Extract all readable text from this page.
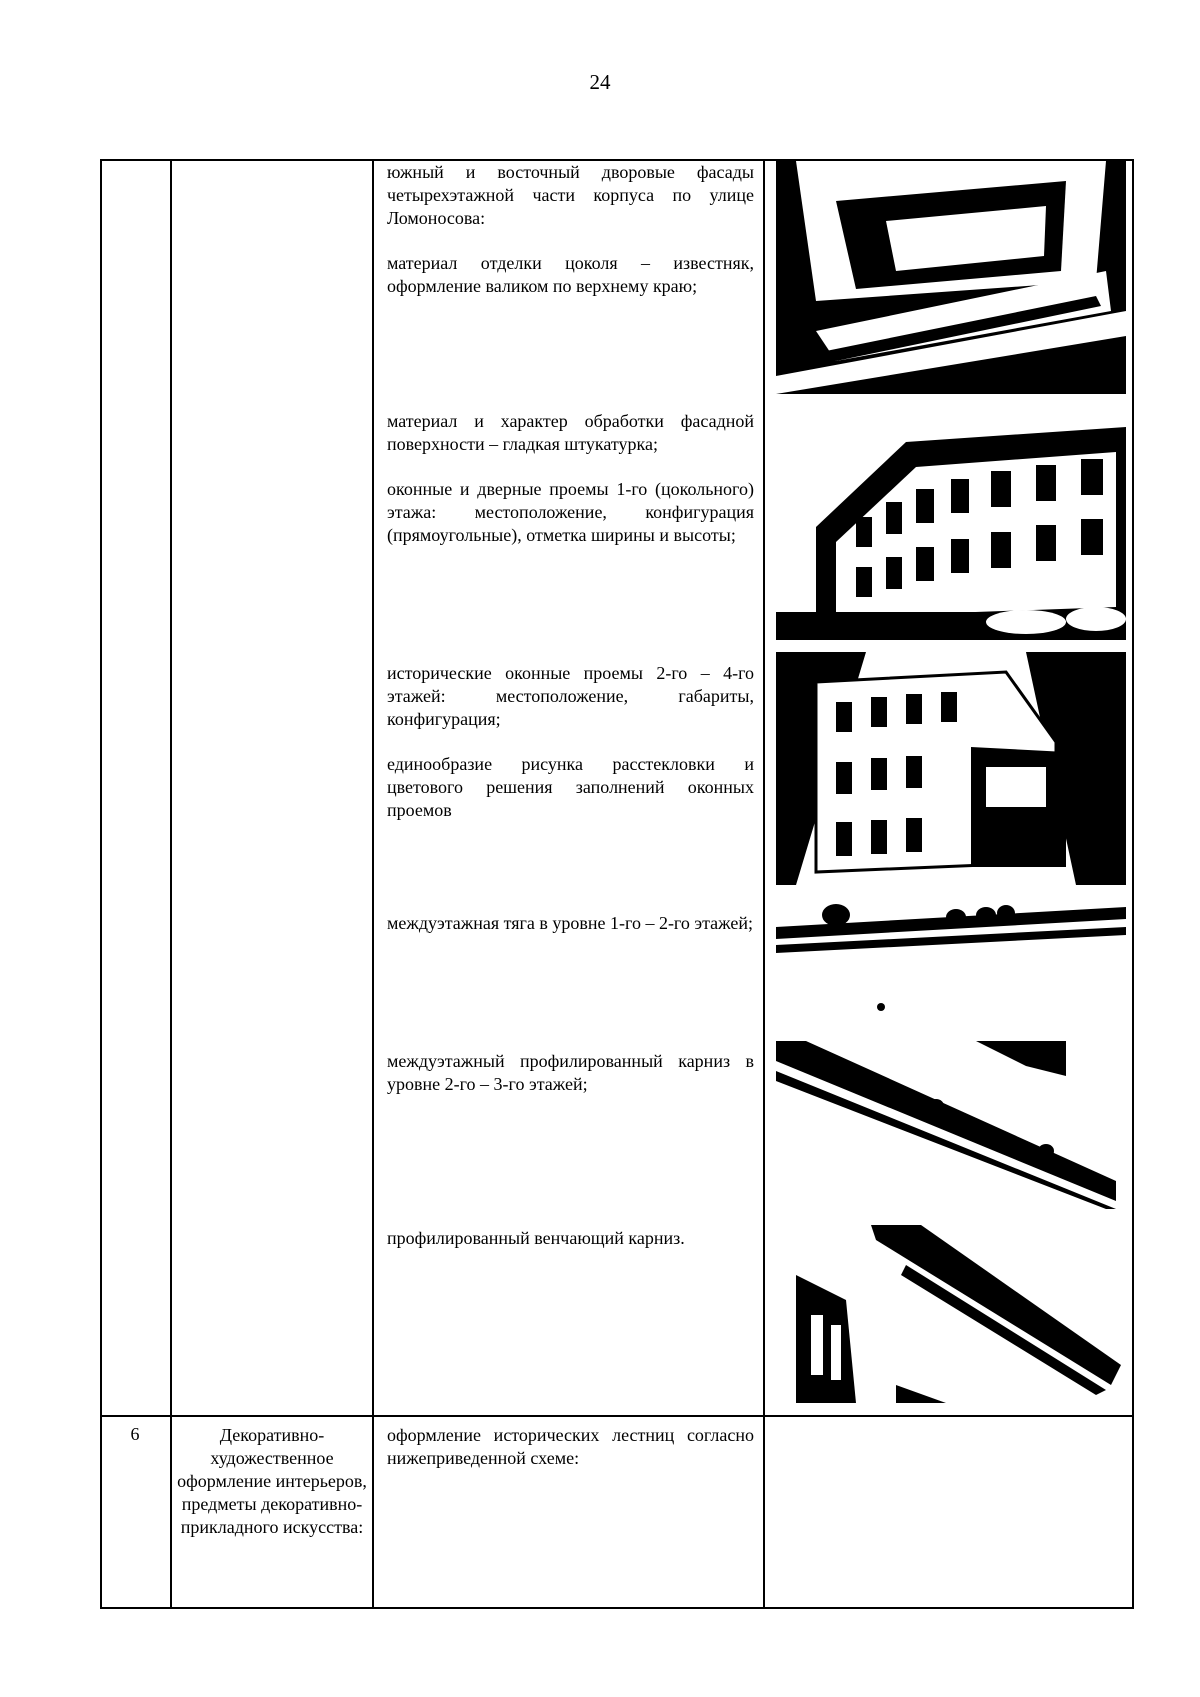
24

южный и восточный дворовые фасады четырехэтажной части корпуса по улице Ломоносова:

материал отделки цоколя – известняк, оформление валиком по верхнему краю;

материал и характер обработки фасадной поверхности – гладкая штукатурка;

оконные и дверные проемы 1-го (цокольного) этажа: местоположение, конфигурация (прямоугольные), отметка ширины и высоты;

исторические оконные проемы 2-го – 4-го этажей: местоположение, габариты, конфигурация;

единообразие рисунка расстекловки и цветового решения заполнений оконных проемов

междуэтажная тяга в уровне 1-го – 2-го этажей;

междуэтажный профилированный карниз в уровне 2-го – 3-го этажей;

профилированный венчающий карниз.

6	Декоративно-художественное оформление интерьеров, предметы декоративно-прикладного искусства:

оформление исторических лестниц согласно нижеприведенной схеме:
